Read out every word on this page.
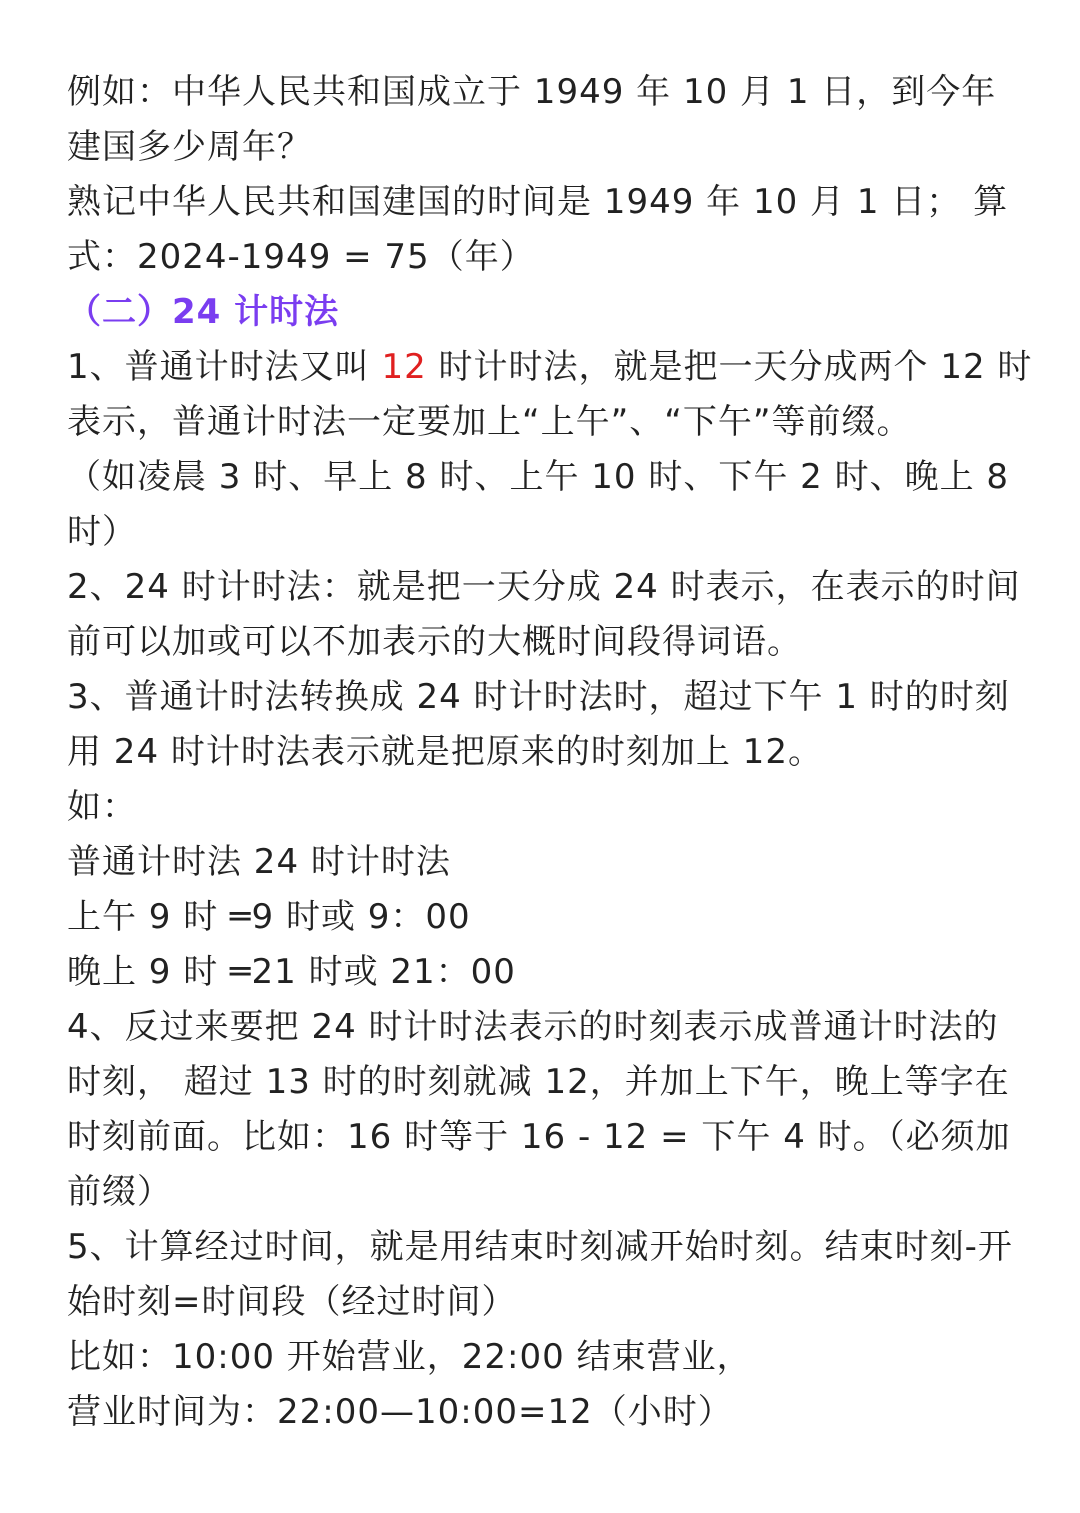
例如：中华人民共和国成立于 1949 年 10 月 1 日，到今年
建国多少周年？
熟记中华人民共和国建国的时间是 1949 年 10 月 1 日； 算
式：2024-1949 = 75（年）
（二）24 计时法
1、普通计时法又叫 12 时计时法，就是把一天分成两个 12 时
表示，普通计时法一定要加上“上午”、“下午”等前缀。
（如凌晨 3 时、早上 8 时、上午 10 时、下午 2 时、晚上 8
时）
2、24 时计时法：就是把一天分成 24 时表示，在表示的时间
前可以加或可以不加表示的大概时间段得词语。
3、普通计时法转换成 24 时计时法时，超过下午 1 时的时刻
用 24 时计时法表示就是把原来的时刻加上 12。
如：
普通计时法 24 时计时法
上午 9 时 ═9 时或 9：00
晚上 9 时 ═21 时或 21：00
4、反过来要把 24 时计时法表示的时刻表示成普通计时法的
时刻， 超过 13 时的时刻就减 12，并加上下午，晚上等字在
时刻前面。比如：16 时等于 16 - 12 = 下午 4 时。（必须加
前缀）
5、计算经过时间，就是用结束时刻减开始时刻。结束时刻-开
始时刻=时间段（经过时间）
比如：10:00 开始营业，22:00 结束营业，
营业时间为：22:00—10:00=12（小时）
